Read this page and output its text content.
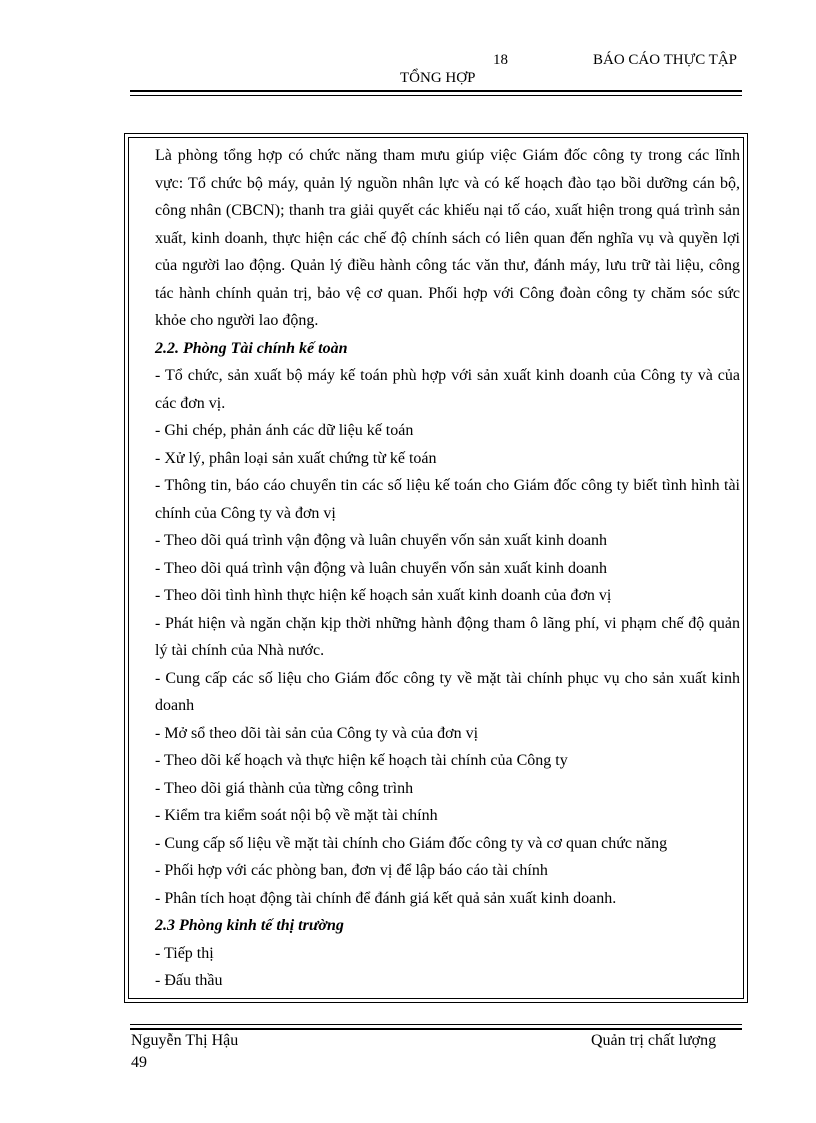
18	BÁO CÁO THỰC TẬP
TỔNG HỢP

Là phòng tổng hợp có chức năng tham mưu giúp việc Giám đốc công ty trong các lĩnh vực: Tổ chức bộ máy, quản lý nguồn nhân lực và có kế hoạch đào tạo bồi dưỡng cán bộ, công nhân (CBCN); thanh tra giải quyết các khiếu nại tố cáo, xuất hiện trong quá trình sản xuất, kinh doanh, thực hiện các chế độ chính sách có liên quan đến nghĩa vụ và quyền lợi của người lao động. Quản lý điều hành công tác văn thư, đánh máy, lưu trữ tài liệu, công tác hành chính quản trị, bảo vệ cơ quan. Phối hợp với Công đoàn công ty chăm sóc sức khỏe cho người lao động.

2.2. Phòng Tài chính kế toàn

- Tổ chức, sản xuất bộ máy kế toán phù hợp với sản xuất kinh doanh của Công ty và của các đơn vị.

- Ghi chép, phản ánh các dữ liệu kế toán

- Xử lý, phân loại sản xuất chứng từ kế toán

- Thông tin, báo cáo chuyển tin các số liệu kế toán cho Giám đốc công ty biết tình hình tài chính của Công ty và đơn vị

- Theo dõi quá trình vận động và luân chuyển vốn sản xuất kinh doanh

- Theo dõi quá trình vận động và luân chuyển vốn sản xuất kinh doanh

- Theo dõi tình hình thực hiện kế hoạch sản xuất kinh doanh của đơn vị

- Phát hiện và ngăn chặn kịp thời những hành động tham ô lãng phí, vi phạm chế độ quản lý tài chính của Nhà nước.

- Cung cấp các số liệu cho Giám đốc công ty về mặt tài chính phục vụ cho sản xuất kinh doanh

- Mở sổ theo dõi tài sản của Công ty và của đơn vị

- Theo dõi kế hoạch và thực hiện kế hoạch tài chính của Công ty

- Theo dõi giá thành của từng công trình

- Kiểm tra kiểm soát nội bộ về mặt tài chính

- Cung cấp số liệu về mặt tài chính cho Giám đốc công ty và cơ quan chức năng

- Phối hợp với các phòng ban, đơn vị để lập báo cáo tài chính

- Phân tích hoạt động tài chính để đánh giá kết quả sản xuất kinh doanh.

2.3 Phòng kinh tế thị trường

- Tiếp thị

- Đấu thầu

Nguyễn Thị Hậu	Quản trị chất lượng
49
